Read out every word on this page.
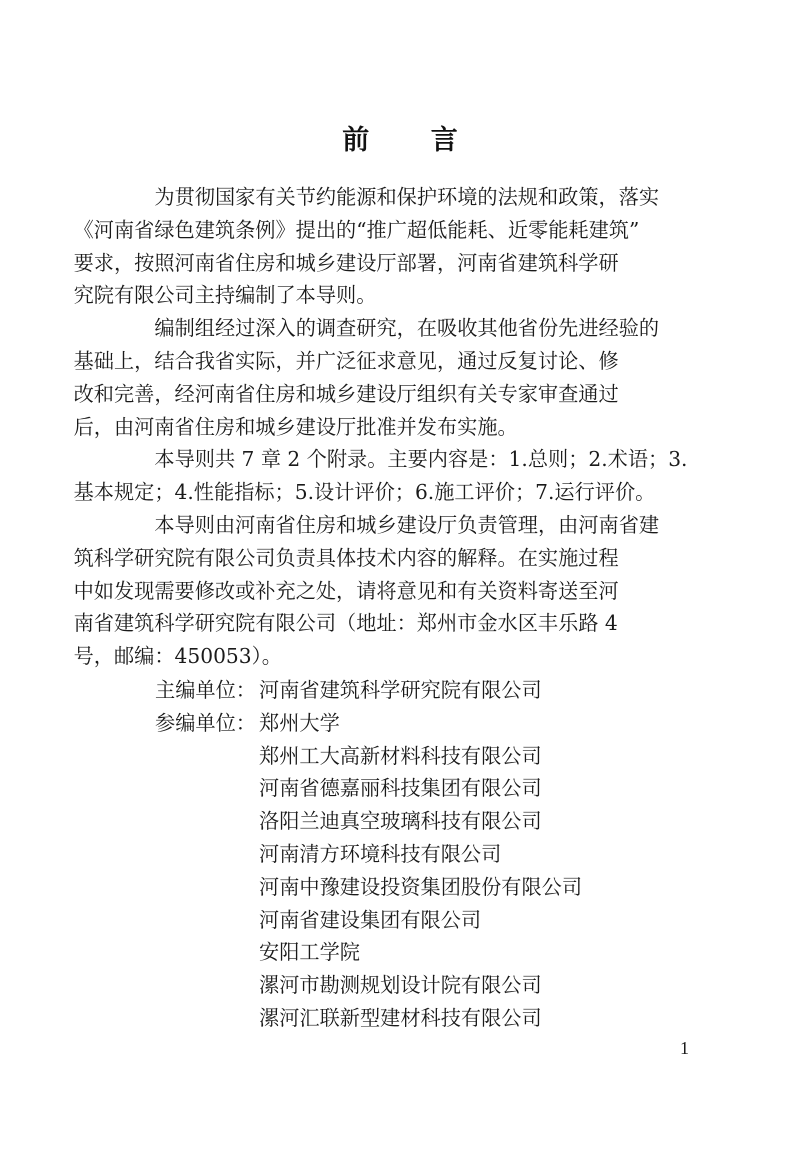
前 言

为贯彻国家有关节约能源和保护环境的法规和政策，落实
《河南省绿色建筑条例》提出的“推广超低能耗、近零能耗建筑”
要求，按照河南省住房和城乡建设厅部署，河南省建筑科学研
究院有限公司主持编制了本导则。

编制组经过深入的调查研究，在吸收其他省份先进经验的
基础上，结合我省实际，并广泛征求意见，通过反复讨论、修
改和完善，经河南省住房和城乡建设厅组织有关专家审查通过
后，由河南省住房和城乡建设厅批准并发布实施。

本导则共 7 章 2 个附录。主要内容是：1.总则；2.术语；3.
基本规定；4.性能指标；5.设计评价；6.施工评价；7.运行评价。

本导则由河南省住房和城乡建设厅负责管理，由河南省建
筑科学研究院有限公司负责具体技术内容的解释。在实施过程
中如发现需要修改或补充之处，请将意见和有关资料寄送至河
南省建筑科学研究院有限公司（地址：郑州市金水区丰乐路 4
号，邮编：450053）。

主编单位： 河南省建筑科学研究院有限公司
参编单位： 郑州大学
郑州工大高新材料科技有限公司
河南省德嘉丽科技集团有限公司
洛阳兰迪真空玻璃科技有限公司
河南清方环境科技有限公司
河南中豫建设投资集团股份有限公司
河南省建设集团有限公司
安阳工学院
漯河市勘测规划设计院有限公司
漯河汇联新型建材科技有限公司
1
